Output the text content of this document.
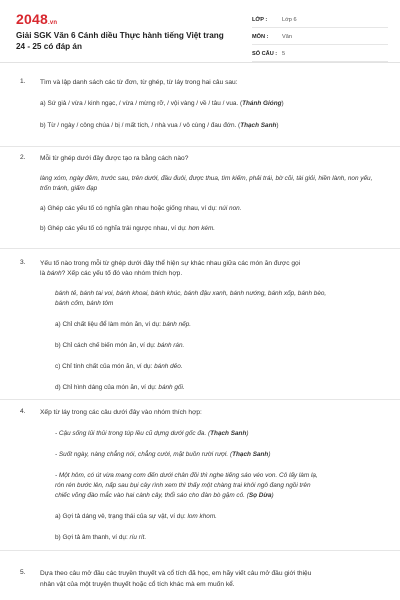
2048.vn
Giải SGK Văn 6 Cánh diều Thực hành tiếng Việt trang 24 - 25 có đáp án
LỚP :	Lớp 6
MÔN :	Văn
SỐ CÂU : 5
1. Tìm và lập danh sách các từ đơn, từ ghép, từ láy trong hai câu sau:
a) Sứ giả / vừa / kinh ngạc, / vừa / mừng rỡ, / vội vàng / về / tâu / vua. (Thánh Gióng)
b) Từ / ngày / công chúa / bị / mất tích, / nhà vua / vô cùng / đau đớn. (Thạch Sanh)
2. Mỗi từ ghép dưới đây được tạo ra bằng cách nào?
làng xóm, ngày đêm, trước sau, trên dưới, đầu đuôi, được thua, tìm kiếm, phải trái, bờ cõi, tài giỏi, hiền lành, non yếu, trốn tránh, giấm đạp
a) Ghép các yếu tố có nghĩa gần nhau hoặc giống nhau, ví dụ: núi non.
b) Ghép các yếu tố có nghĩa trái ngược nhau, ví dụ: hơn kém.
3. Yếu tố nào trong mỗi từ ghép dưới đây thể hiện sự khác nhau giữa các món ăn được gọi
là bánh? Xếp các yếu tố đó vào nhóm thích hợp.
bánh tẻ, bánh tai voi, bánh khoai, bánh khúc, bánh đậu xanh, bánh nướng, bánh xốp, bánh bèo,
bánh cốm, bánh tôm
a) Chỉ chất liệu để làm món ăn, ví dụ: bánh nếp.
b) Chỉ cách chế biến món ăn, ví dụ: bánh rán.
c) Chỉ tính chất của món ăn, ví dụ: bánh dẻo.
d) Chỉ hình dáng của món ăn, ví dụ: bánh gối.
4. Xếp từ láy trong các câu dưới đây vào nhóm thích hợp:
- Cậu sống lủi thủi trong túp lều cũ dựng dưới gốc đa. (Thạch Sanh)
- Suốt ngày, nàng chẳng nói, chẳng cười, mặt buồn rười rượi. (Thạch Sanh)
- Một hôm, có út vừa mang cơm đến dưới chân đồi thì nghe tiếng sáo véo von. Cô lấy làm lạ,
rón rén bước lên, nấp sau bụi cây rình xem thì thấy một chàng trai khôi ngô đang ngồi trên
chiếc võng đào mắc vào hai cành cây, thổi sáo cho đàn bò gặm cỏ. (Sọ Dừa)
a) Gợi tả dáng vẻ, trạng thái của sự vật, ví dụ: lom khom.
b) Gợi tả âm thanh, ví dụ: ríu rít.
5. Dựa theo câu mở đầu các truyền thuyết và cổ tích đã học, em hãy viết câu mở đầu giới thiệu
nhân vật của một truyện thuyết hoặc cổ tích khác mà em muốn kể.
